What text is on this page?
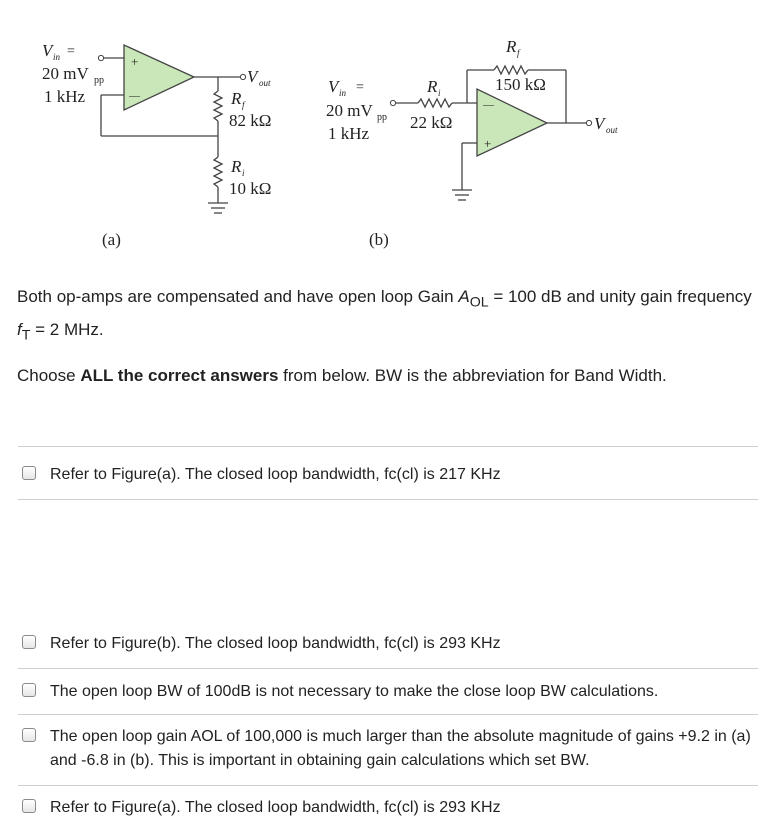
+
—
V in =
20 mV pp
1 kHz
V out
R f
82 kΩ
R i
10 kΩ
(a)
—
+
V in =
20 mV pp
1 kHz
R i
22 kΩ
R f
150 kΩ
V out
(b)

Both op-amps are compensated and have open loop Gain $A_{OL} = 100$ dB and unity gain frequency $f_T = 2$ MHz.

Choose ALL the correct answers from below. BW is the abbreviation for Band Width.

Refer to Figure(a). The closed loop bandwidth, fc(cl) is 217 KHz
Refer to Figure(b). The closed loop bandwidth, fc(cl) is 293 KHz
The open loop BW of 100dB is not necessary to make the close loop BW calculations.
The open loop gain AOL of 100,000 is much larger than the absolute magnitude of gains +9.2 in (a) and -6.8 in (b). This is important in obtaining gain calculations which set BW.
Refer to Figure(a). The closed loop bandwidth, fc(cl) is 293 KHz
